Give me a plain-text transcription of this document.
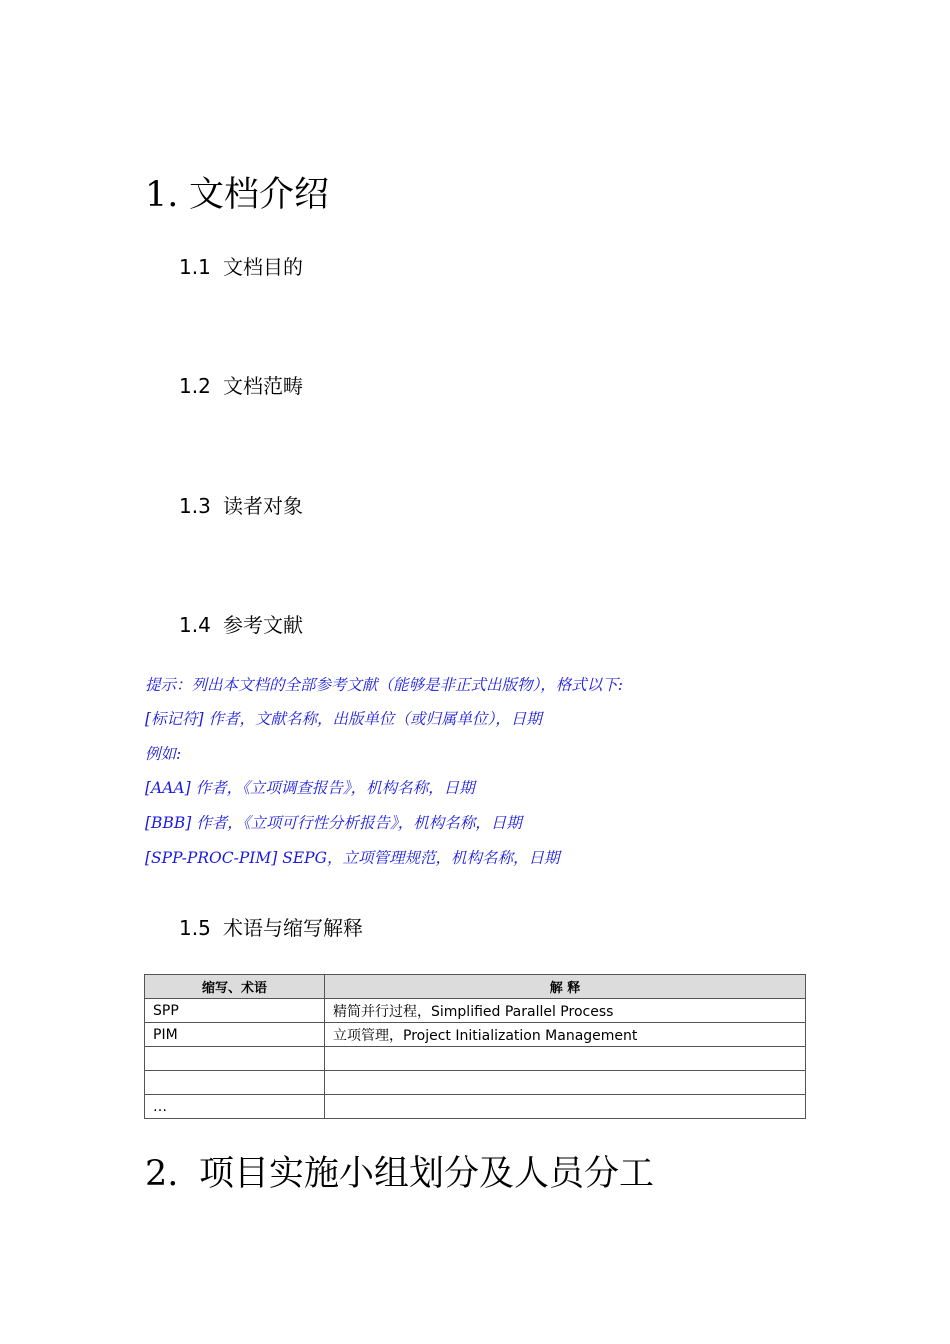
1. 文档介绍
1.1 文档目的
1.2 文档范畴
1.3 读者对象
1.4 参考文献
提示：列出本文档的全部参考文献（能够是非正式出版物），格式以下:
[标记符] 作者，文献名称，出版单位（或归属单位），日期
例如:
[AAA] 作者，《立项调查报告》，机构名称，日期
[BBB] 作者，《立项可行性分析报告》，机构名称，日期
[SPP-PROC-PIM] SEPG，立项管理规范，机构名称，日期
1.5 术语与缩写解释
缩写、术语	解 释
SPP	精简并行过程，Simplified Parallel Process
PIM	立项管理，Project Initialization Management

…	
2. 项目实施小组划分及人员分工
